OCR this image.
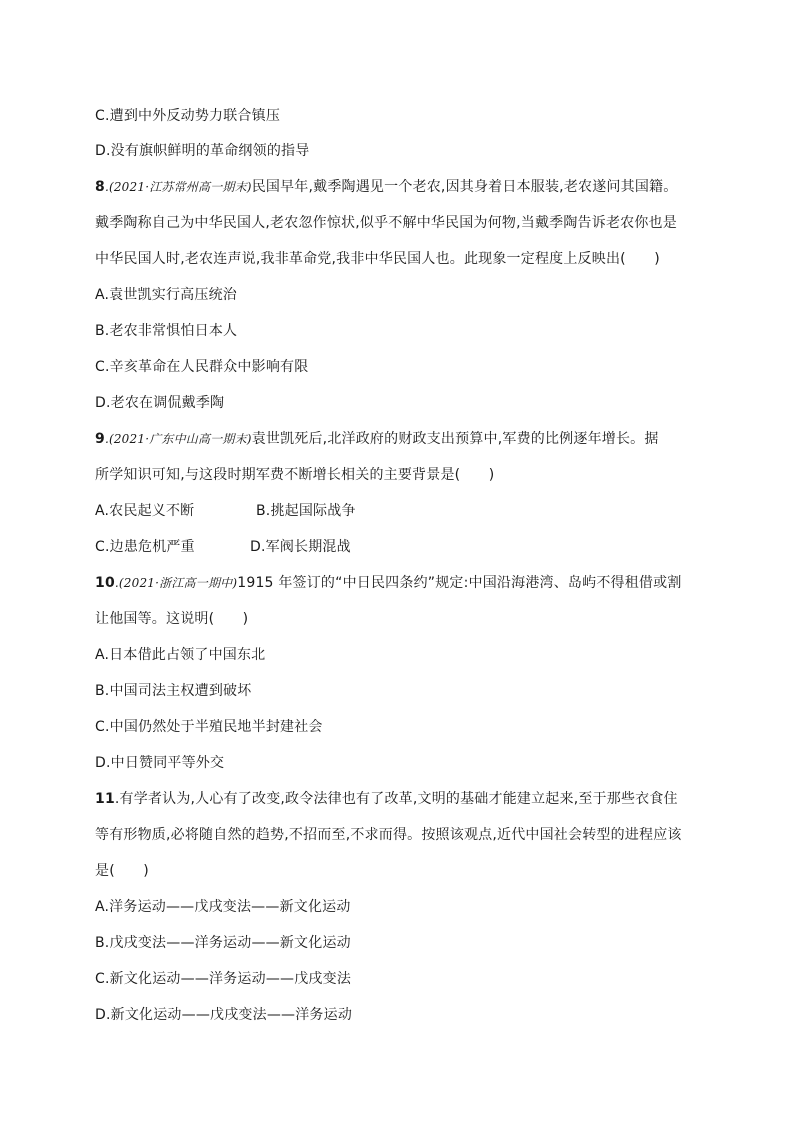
C.遭到中外反动势力联合镇压
D.没有旗帜鲜明的革命纲领的指导
8.(2021·江苏常州高一期末)民国早年,戴季陶遇见一个老农,因其身着日本服装,老农遂问其国籍。
戴季陶称自己为中华民国人,老农忽作惊状,似乎不解中华民国为何物,当戴季陶告诉老农你也是
中华民国人时,老农连声说,我非革命党,我非中华民国人也。此现象一定程度上反映出(　　)
A.袁世凯实行高压统治
B.老农非常惧怕日本人
C.辛亥革命在人民群众中影响有限
D.老农在调侃戴季陶
9.(2021·广东中山高一期末)袁世凯死后,北洋政府的财政支出预算中,军费的比例逐年增长。据
所学知识可知,与这段时期军费不断增长相关的主要背景是(　　)
A.农民起义不断	B.挑起国际战争
C.边患危机严重	D.军阀长期混战
10.(2021·浙江高一期中)1915 年签订的“中日民四条约”规定:中国沿海港湾、岛屿不得租借或割
让他国等。这说明(　　)
A.日本借此占领了中国东北
B.中国司法主权遭到破坏
C.中国仍然处于半殖民地半封建社会
D.中日赞同平等外交
11.有学者认为,人心有了改变,政令法律也有了改革,文明的基础才能建立起来,至于那些衣食住
等有形物质,必将随自然的趋势,不招而至,不求而得。按照该观点,近代中国社会转型的进程应该
是(　　)
A.洋务运动——戊戌变法——新文化运动
B.戊戌变法——洋务运动——新文化运动
C.新文化运动——洋务运动——戊戌变法
D.新文化运动——戊戌变法——洋务运动
